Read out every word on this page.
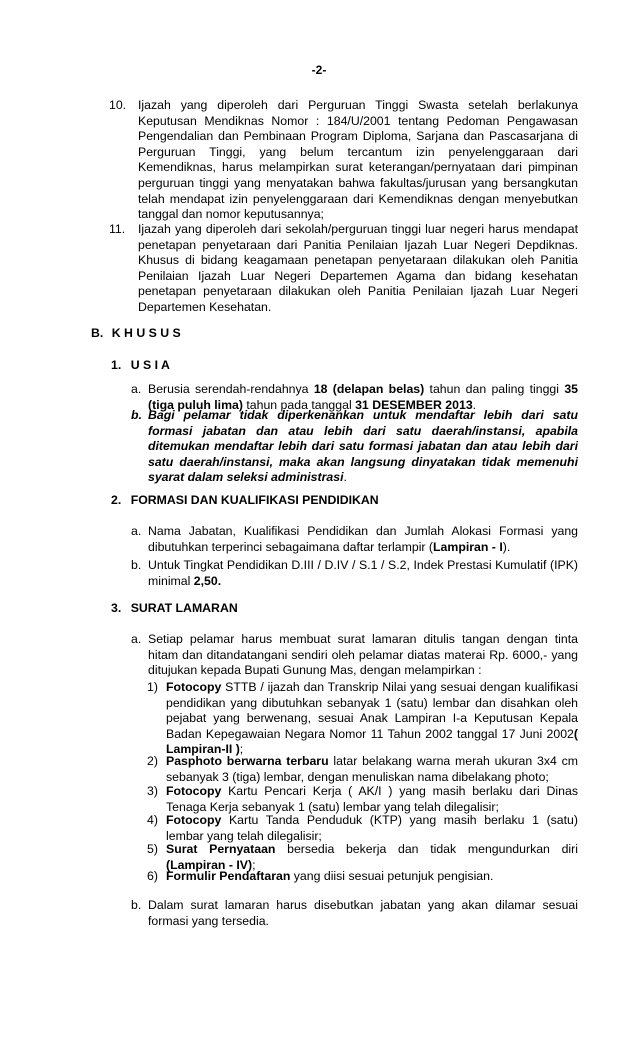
-2-
10. Ijazah yang diperoleh dari Perguruan Tinggi Swasta setelah berlakunya Keputusan Mendiknas Nomor : 184/U/2001 tentang Pedoman Pengawasan Pengendalian dan Pembinaan Program Diploma, Sarjana dan Pascasarjana di Perguruan Tinggi, yang belum tercantum izin penyelenggaraan dari Kemendiknas, harus melampirkan surat keterangan/pernyataan dari pimpinan perguruan tinggi yang menyatakan bahwa fakultas/jurusan yang bersangkutan telah mendapat izin penyelenggaraan dari Kemendiknas dengan menyebutkan tanggal dan nomor keputusannya;
11. Ijazah yang diperoleh dari sekolah/perguruan tinggi luar negeri harus mendapat penetapan penyetaraan dari Panitia Penilaian Ijazah Luar Negeri Depdiknas. Khusus di bidang keagamaan penetapan penyetaraan dilakukan oleh Panitia Penilaian Ijazah Luar Negeri Departemen Agama dan bidang kesehatan penetapan penyetaraan dilakukan oleh Panitia Penilaian Ijazah Luar Negeri Departemen Kesehatan.
B. K H U S U S
1. U S I A
a. Berusia serendah-rendahnya 18 (delapan belas) tahun dan paling tinggi 35 (tiga puluh lima) tahun pada tanggal 31 DESEMBER 2013.
b. Bagi pelamar tidak diperkenankan untuk mendaftar lebih dari satu formasi jabatan dan atau lebih dari satu daerah/instansi, apabila ditemukan mendaftar lebih dari satu formasi jabatan dan atau lebih dari satu daerah/instansi, maka akan langsung dinyatakan tidak memenuhi syarat dalam seleksi administrasi.
2. FORMASI DAN KUALIFIKASI PENDIDIKAN
a. Nama Jabatan, Kualifikasi Pendidikan dan Jumlah Alokasi Formasi yang dibutuhkan terperinci sebagaimana daftar terlampir (Lampiran - I).
b. Untuk Tingkat Pendidikan D.III / D.IV / S.1 / S.2, Indek Prestasi Kumulatif (IPK) minimal 2,50.
3. SURAT LAMARAN
a. Setiap pelamar harus membuat surat lamaran ditulis tangan dengan tinta hitam dan ditandatangani sendiri oleh pelamar diatas materai Rp. 6000,- yang ditujukan kepada Bupati Gunung Mas, dengan melampirkan :
1) Fotocopy STTB / ijazah dan Transkrip Nilai yang sesuai dengan kualifikasi pendidikan yang dibutuhkan sebanyak 1 (satu) lembar dan disahkan oleh pejabat yang berwenang, sesuai Anak Lampiran I-a Keputusan Kepala Badan Kepegawaian Negara Nomor 11 Tahun 2002 tanggal 17 Juni 2002( Lampiran-II );
2) Pasphoto berwarna terbaru latar belakang warna merah ukuran 3x4 cm sebanyak 3 (tiga) lembar, dengan menuliskan nama dibelakang photo;
3) Fotocopy Kartu Pencari Kerja ( AK/I ) yang masih berlaku dari Dinas Tenaga Kerja sebanyak 1 (satu) lembar yang telah dilegalisir;
4) Fotocopy Kartu Tanda Penduduk (KTP) yang masih berlaku 1 (satu) lembar yang telah dilegalisir;
5) Surat Pernyataan bersedia bekerja dan tidak mengundurkan diri (Lampiran - IV);
6) Formulir Pendaftaran yang diisi sesuai petunjuk pengisian.
b. Dalam surat lamaran harus disebutkan jabatan yang akan dilamar sesuai formasi yang tersedia.
